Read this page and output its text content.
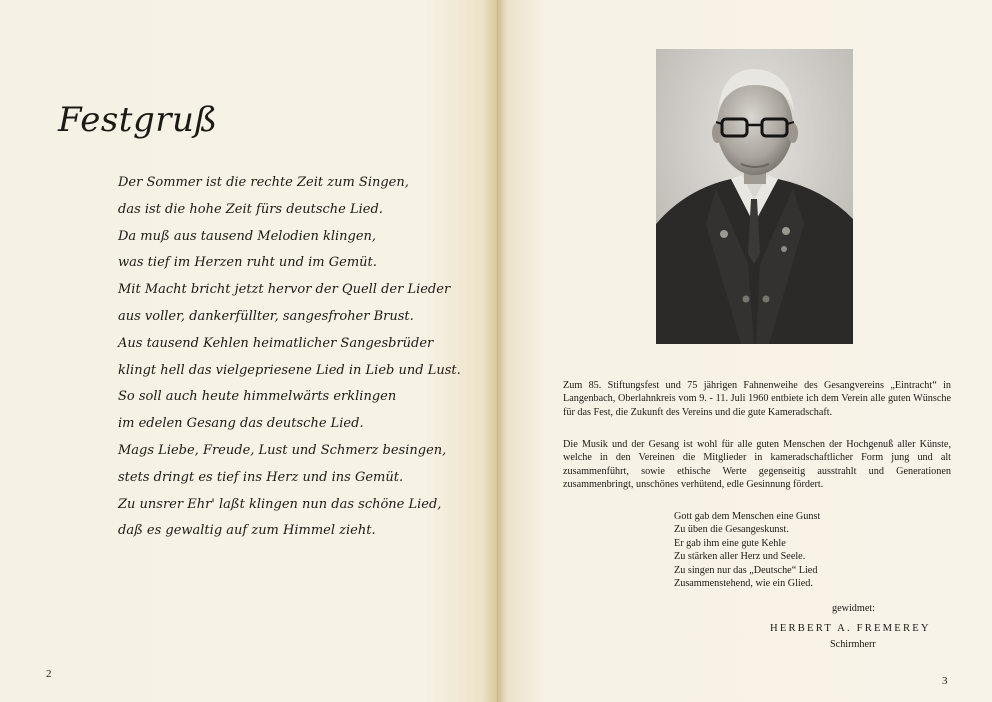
Festgruß
Der Sommer ist die rechte Zeit zum Singen,
das ist die hohe Zeit fürs deutsche Lied.
Da muß aus tausend Melodien klingen,
was tief im Herzen ruht und im Gemüt.
Mit Macht bricht jetzt hervor der Quell der Lieder
aus voller, dankerfüllter, sangesfroher Brust.
Aus tausend Kehlen heimatlicher Sangesbrüder
klingt hell das vielgepriesene Lied in Lieb und Lust.
So soll auch heute himmelwärts erklingen
im edelen Gesang das deutsche Lied.
Mags Liebe, Freude, Lust und Schmerz besingen,
stets dringt es tief ins Herz und ins Gemüt.
Zu unsrer Ehr' laßt klingen nun das schöne Lied,
daß es gewaltig auf zum Himmel zieht.
2

Zum 85. Stiftungsfest und 75 jährigen Fahnenweihe des Gesangvereins „Eintracht“ in Langenbach, Oberlahnkreis vom 9. - 11. Juli 1960 entbiete ich dem Verein alle guten Wünsche für das Fest, die Zukunft des Vereins und die gute Kameradschaft.

Die Musik und der Gesang ist wohl für alle guten Menschen der Hochgenuß aller Künste, welche in den Vereinen die Mitglieder in kameradschaftlicher Form jung und alt zusammenführt, sowie ethische Werte gegenseitig ausstrahlt und Generationen zusammenbringt, unschönes verhütend, edle Gesinnung fördert.

Gott gab dem Menschen eine Gunst
Zu üben die Gesangeskunst.
Er gab ihm eine gute Kehle
Zu stärken aller Herz und Seele.
Zu singen nur das „Deutsche“ Lied
Zusammenstehend, wie ein Glied.
gewidmet:
HERBERT A. FREMEREY
Schirmherr
3
